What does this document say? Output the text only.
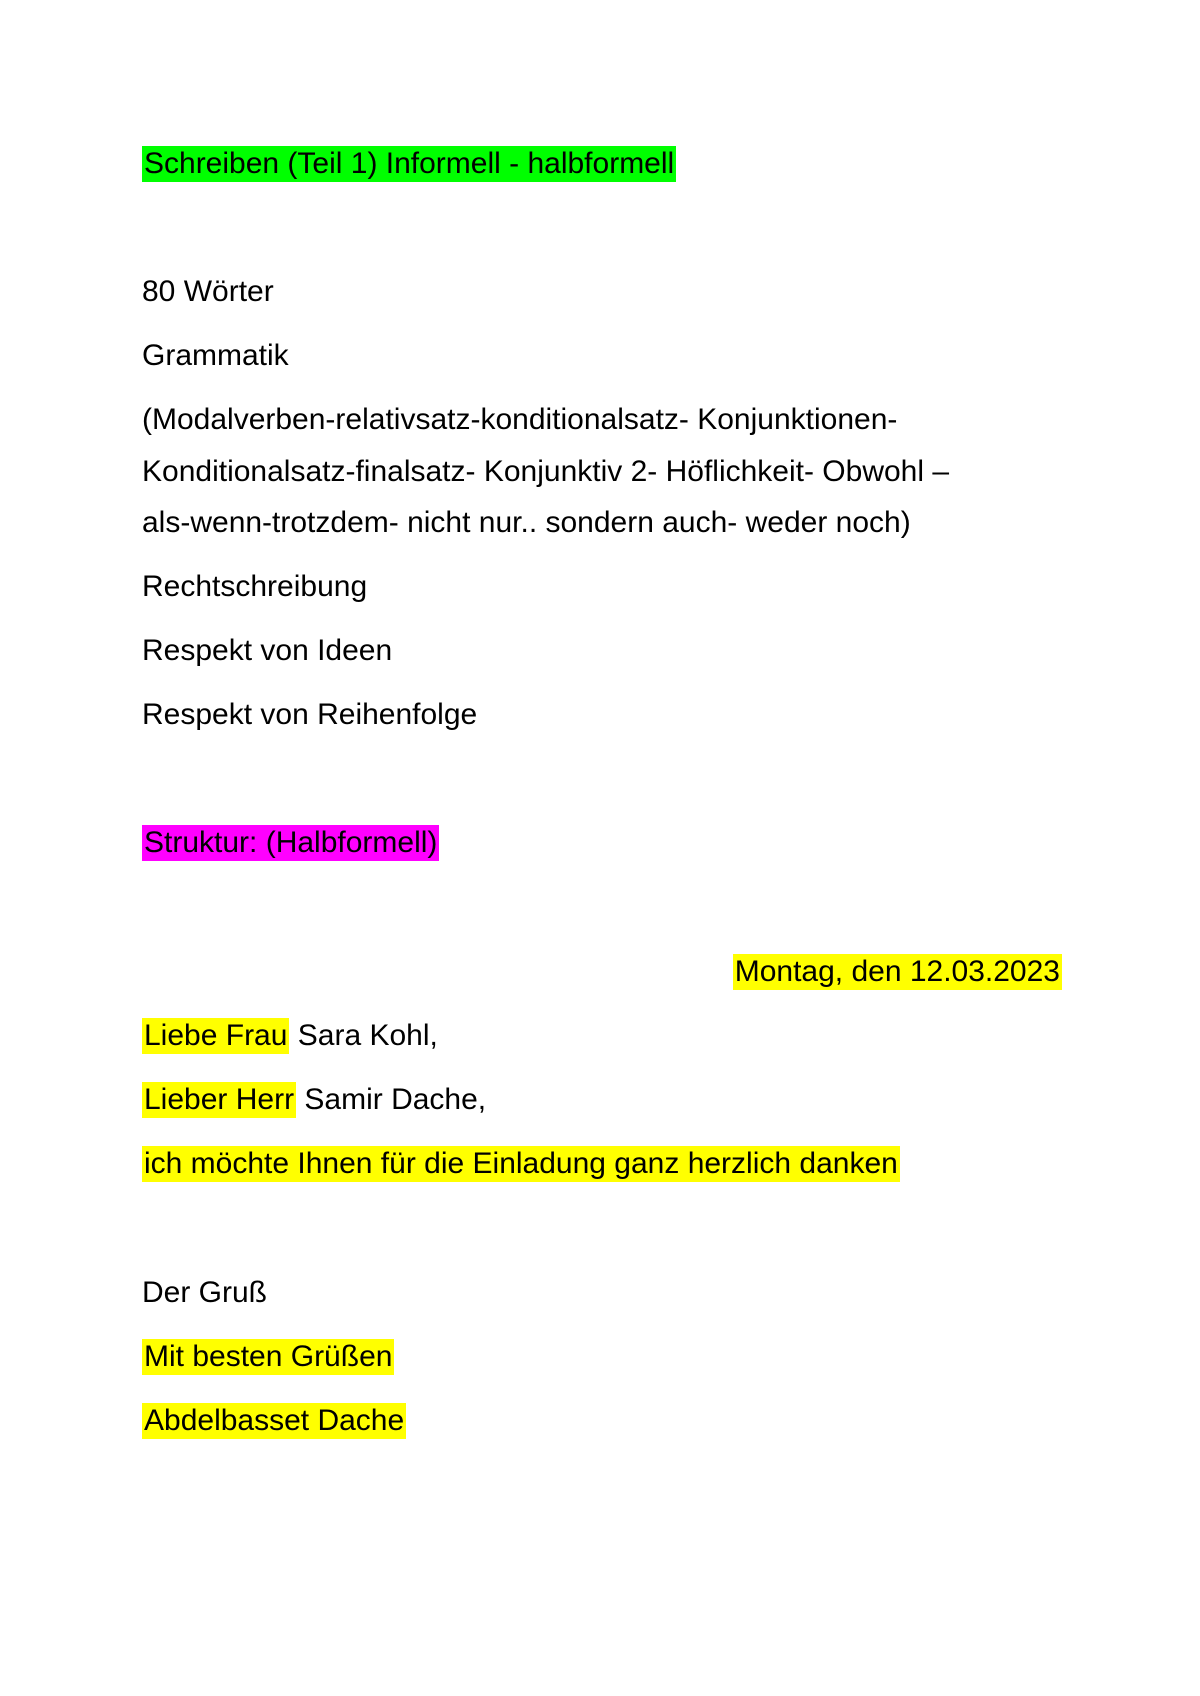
Schreiben (Teil 1) Informell - halbformell
80 Wörter
Grammatik
(Modalverben-relativsatz-konditionalsatz- Konjunktionen-
Konditionalsatz-finalsatz- Konjunktiv 2- Höflichkeit- Obwohl –
als-wenn-trotzdem- nicht nur.. sondern auch- weder noch)
Rechtschreibung
Respekt von Ideen
Respekt von Reihenfolge
Struktur: (Halbformell)
Montag, den 12.03.2023
Liebe Frau Sara Kohl,
Lieber Herr Samir Dache,
ich möchte Ihnen für die Einladung ganz herzlich danken
Der Gruß
Mit besten Grüßen
Abdelbasset Dache
